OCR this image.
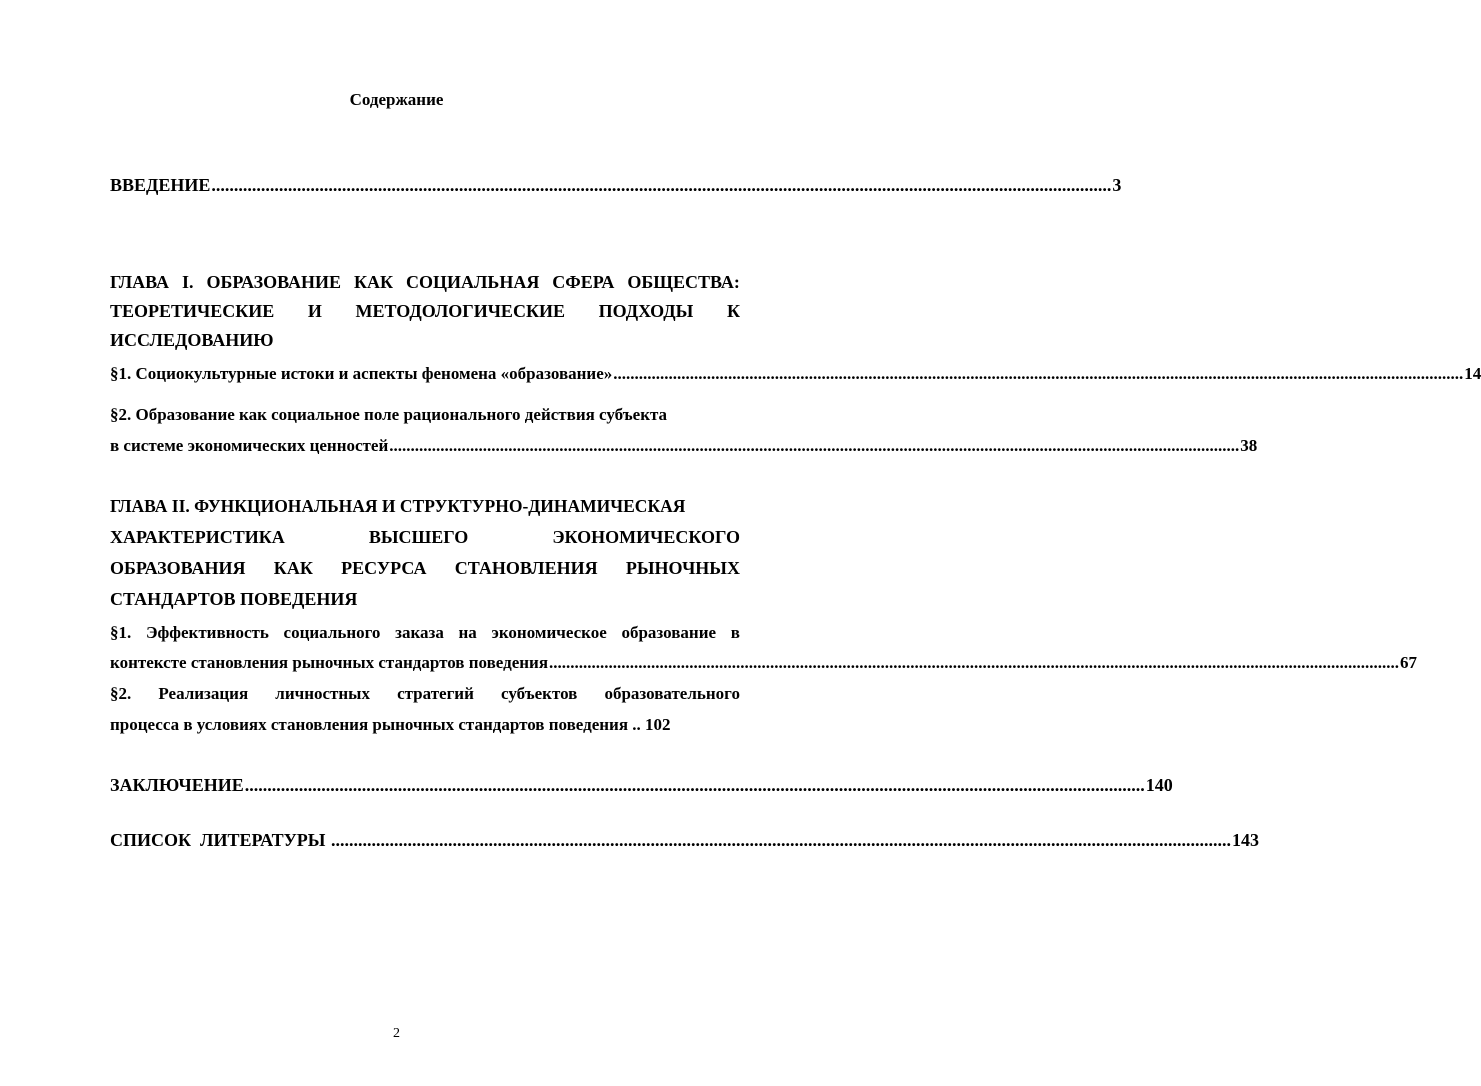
Содержание
ВВЕДЕНИЕ ........................................................................................................................................................................................................ 3
ГЛАВА I. ОБРАЗОВАНИЕ КАК СОЦИАЛЬНАЯ СФЕРА ОБЩЕСТВА:
ТЕОРЕТИЧЕСКИЕ И МЕТОДОЛОГИЧЕСКИЕ ПОДХОДЫ К
ИССЛЕДОВАНИЮ
§1. Социокультурные истоки и аспекты феномена «образование» ........................................................................................................................................................................................................ 14
§2. Образование как социальное поле рационального действия субъекта
в системе экономических ценностей ........................................................................................................................................................................................................ 38
ГЛАВА II. ФУНКЦИОНАЛЬНАЯ И СТРУКТУРНО-ДИНАМИЧЕСКАЯ
ХАРАКТЕРИСТИКА	ВЫСШЕГО	ЭКОНОМИЧЕСКОГО
ОБРАЗОВАНИЯ КАК РЕСУРСА СТАНОВЛЕНИЯ РЫНОЧНЫХ
СТАНДАРТОВ ПОВЕДЕНИЯ
§1. Эффективность социального заказа на экономическое образование в
контексте становления рыночных стандартов поведения ........................................................................................................................................................................................................ 67
§2. Реализация личностных стратегий субъектов образовательного
процесса в условиях становления рыночных стандартов поведения .. 102
ЗАКЛЮЧЕНИЕ ........................................................................................................................................................................................................ 140
СПИСОК  ЛИТЕРАТУРЫ ........................................................................................................................................................................................................ 143
2
